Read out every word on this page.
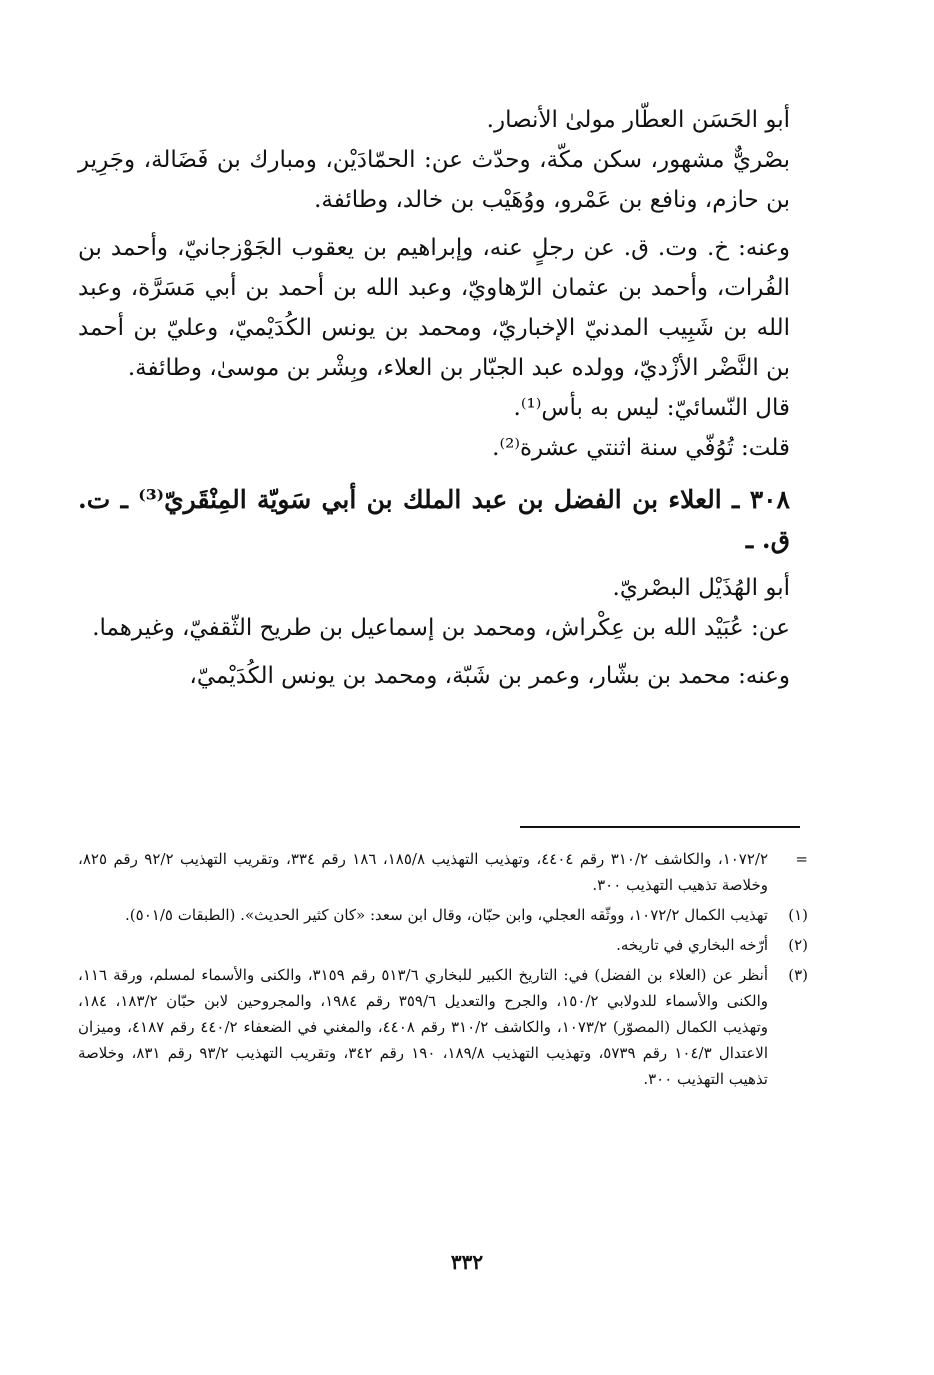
أبو الحَسَن العطّار مولىٰ الأنصار.

بصْريٌّ مشهور، سكن مكّة، وحدّث عن: الحمّادَيْن، ومبارك بن فَضَالة، وجَرِير بن حازم، ونافع بن عَمْرو، ووُهَيْب بن خالد، وطائفة.

وعنه: خ. وت. ق. عن رجلٍ عنه، وإبراهيم بن يعقوب الجَوْزجانيّ، وأحمد بن الفُرات، وأحمد بن عثمان الرّهاويّ، وعبد الله بن أحمد بن أبي مَسَرَّة، وعبد الله بن شَبِيب المدنيّ الإخباريّ، ومحمد بن يونس الكُدَيْميّ، وعليّ بن أحمد بن النَّضْر الأزْديّ، وولده عبد الجبّار بن العلاء، وبِشْر بن موسىٰ، وطائفة.

قال النّسائيّ: ليس به بأس⁽¹⁾.

قلت: تُوُفّي سنة اثنتي عشرة⁽²⁾.

٣٠٨ ـ العلاء بن الفضل بن عبد الملك بن أبي سَويّة المِنْقَريّ⁽³⁾ ـ ت. ق. ـ

أبو الهُذَيْل البصْريّ.

عن: عُبَيْد الله بن عِكْراش، ومحمد بن إسماعيل بن طريح الثّقفيّ، وغيرهما.

وعنه: محمد بن بشّار، وعمر بن شَبّة، ومحمد بن يونس الكُدَيْميّ،

=
١٠٧٢/٢، والكاشف ٣١٠/٢ رقم ٤٤٠٤، وتهذيب التهذيب ١٨٥/٨، ١٨٦ رقم ٣٣٤، وتقريب التهذيب ٩٢/٢ رقم ٨٢٥، وخلاصة تذهيب التهذيب ٣٠٠.
(١)
تهذيب الكمال ١٠٧٢/٢، ووثّقه العجلي، وابن حبّان، وقال ابن سعد: «كان كثير الحديث». (الطبقات ٥٠١/٥).
(٢)
أرّخه البخاري في تاريخه.
(٣)
أنظر عن (العلاء بن الفضل) في: التاريخ الكبير للبخاري ٥١٣/٦ رقم ٣١٥٩، والكنى والأسماء لمسلم، ورقة ١١٦، والكنى والأسماء للدولابي ١٥٠/٢، والجرح والتعديل ٣٥٩/٦ رقم ١٩٨٤، والمجروحين لابن حبّان ١٨٣/٢، ١٨٤، وتهذيب الكمال (المصوّر) ١٠٧٣/٢، والكاشف ٣١٠/٢ رقم ٤٤٠٨، والمغني في الضعفاء ٤٤٠/٢ رقم ٤١٨٧، وميزان الاعتدال ١٠٤/٣ رقم ٥٧٣٩، وتهذيب التهذيب ١٨٩/٨، ١٩٠ رقم ٣٤٢، وتقريب التهذيب ٩٣/٢ رقم ٨٣١، وخلاصة تذهيب التهذيب ٣٠٠.
٣٣٢
